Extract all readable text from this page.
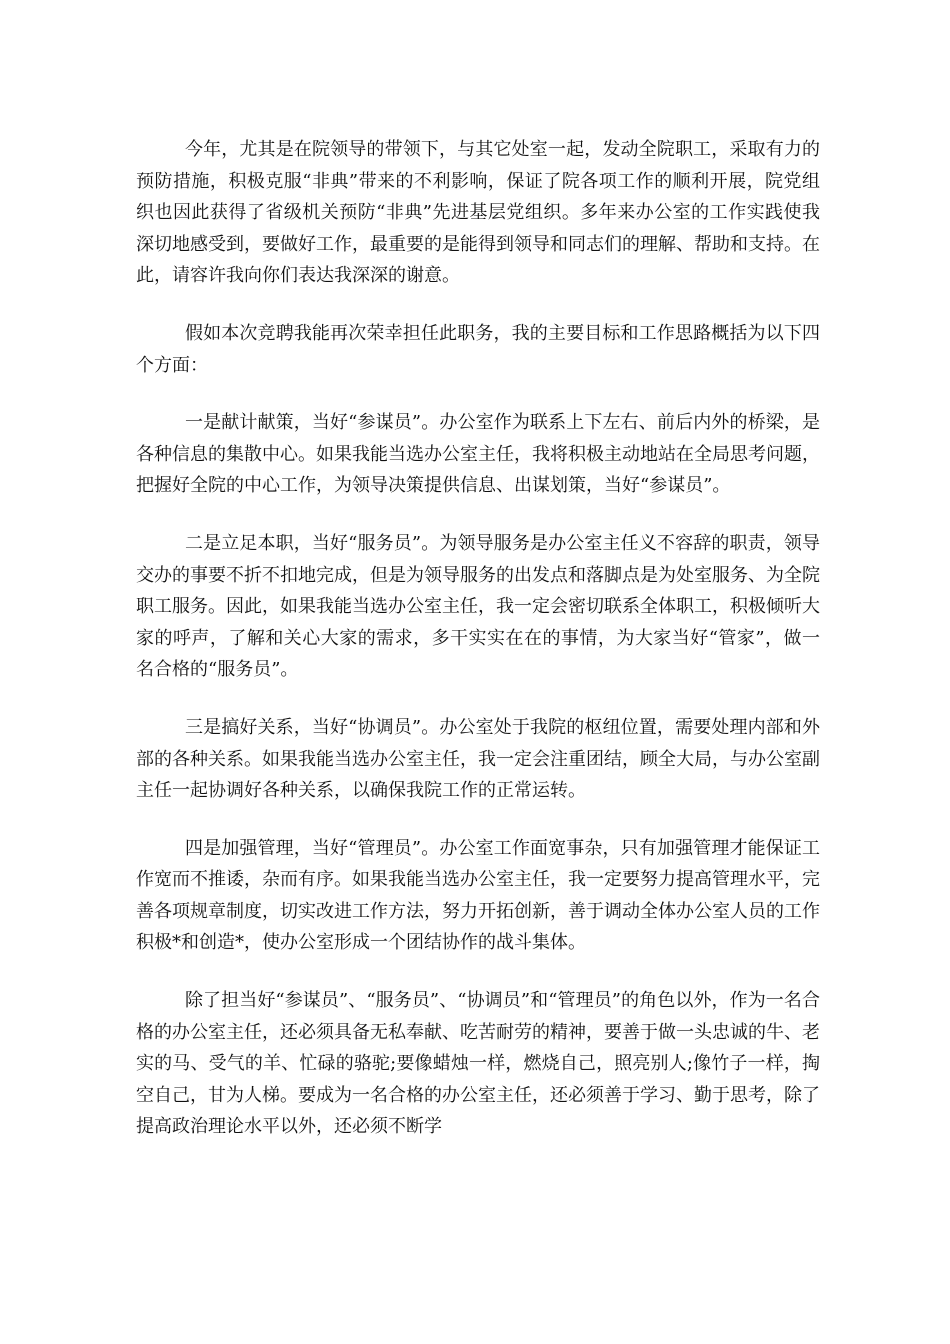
今年，尤其是在院领导的带领下，与其它处室一起，发动全院职工，采取有力的预防措施，积极克服“非典”带来的不利影响，保证了院各项工作的顺利开展，院党组织也因此获得了省级机关预防“非典”先进基层党组织。多年来办公室的工作实践使我深切地感受到，要做好工作，最重要的是能得到领导和同志们的理解、帮助和支持。在此，请容许我向你们表达我深深的谢意。

假如本次竞聘我能再次荣幸担任此职务，我的主要目标和工作思路概括为以下四个方面：

一是献计献策，当好“参谋员”。办公室作为联系上下左右、前后内外的桥梁，是各种信息的集散中心。如果我能当选办公室主任，我将积极主动地站在全局思考问题，把握好全院的中心工作，为领导决策提供信息、出谋划策，当好“参谋员”。

二是立足本职，当好“服务员”。为领导服务是办公室主任义不容辞的职责，领导交办的事要不折不扣地完成，但是为领导服务的出发点和落脚点是为处室服务、为全院职工服务。因此，如果我能当选办公室主任，我一定会密切联系全体职工，积极倾听大家的呼声，了解和关心大家的需求，多干实实在在的事情，为大家当好“管家”，做一名合格的“服务员”。

三是搞好关系，当好“协调员”。办公室处于我院的枢纽位置，需要处理内部和外部的各种关系。如果我能当选办公室主任，我一定会注重团结，顾全大局，与办公室副主任一起协调好各种关系，以确保我院工作的正常运转。

四是加强管理，当好“管理员”。办公室工作面宽事杂，只有加强管理才能保证工作宽而不推诿，杂而有序。如果我能当选办公室主任，我一定要努力提高管理水平，完善各项规章制度，切实改进工作方法，努力开拓创新，善于调动全体办公室人员的工作积极*和创造*，使办公室形成一个团结协作的战斗集体。

除了担当好“参谋员”、“服务员”、“协调员”和“管理员”的角色以外，作为一名合格的办公室主任，还必须具备无私奉献、吃苦耐劳的精神，要善于做一头忠诚的牛、老实的马、受气的羊、忙碌的骆驼;要像蜡烛一样，燃烧自己，照亮别人;像竹子一样，掏空自己，甘为人梯。要成为一名合格的办公室主任，还必须善于学习、勤于思考，除了提高政治理论水平以外，还必须不断学
